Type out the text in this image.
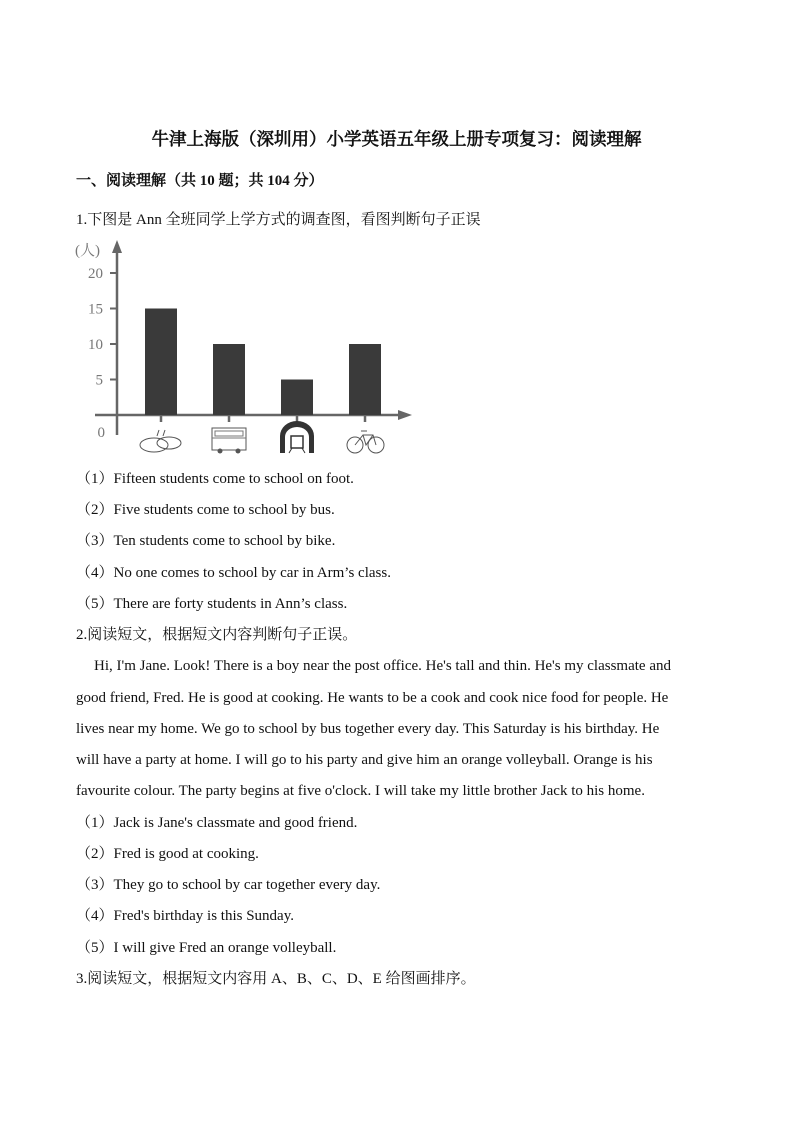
牛津上海版（深圳用）小学英语五年级上册专项复习：阅读理解
一、阅读理解（共 10 题；共 104 分）
1.下图是 Ann 全班同学上学方式的调查图，看图判断句子正误
(人)
0
5
10
15
20
（1）Fifteen students come to school on foot.
（2）Five students come to school by bus.
（3）Ten students come to school by bike.
（4）No one comes to school by car in Arm’s class.
（5）There are forty students in Ann’s class.
2.阅读短文，根据短文内容判断句子正误。
Hi, I'm Jane. Look! There is a boy near the post office. He's tall and thin. He's my classmate and
good friend, Fred. He is good at cooking. He wants to be a cook and cook nice food for people. He
lives near my home. We go to school by bus together every day. This Saturday is his birthday. He
will have a party at home. I will go to his party and give him an orange volleyball. Orange is his
favourite colour. The party begins at five o'clock. I will take my little brother Jack to his home.
（1）Jack is Jane's classmate and good friend.
（2）Fred is good at cooking.
（3）They go to school by car together every day.
（4）Fred's birthday is this Sunday.
（5）I will give Fred an orange volleyball.
3.阅读短文，根据短文内容用 A、B、C、D、E 给图画排序。
